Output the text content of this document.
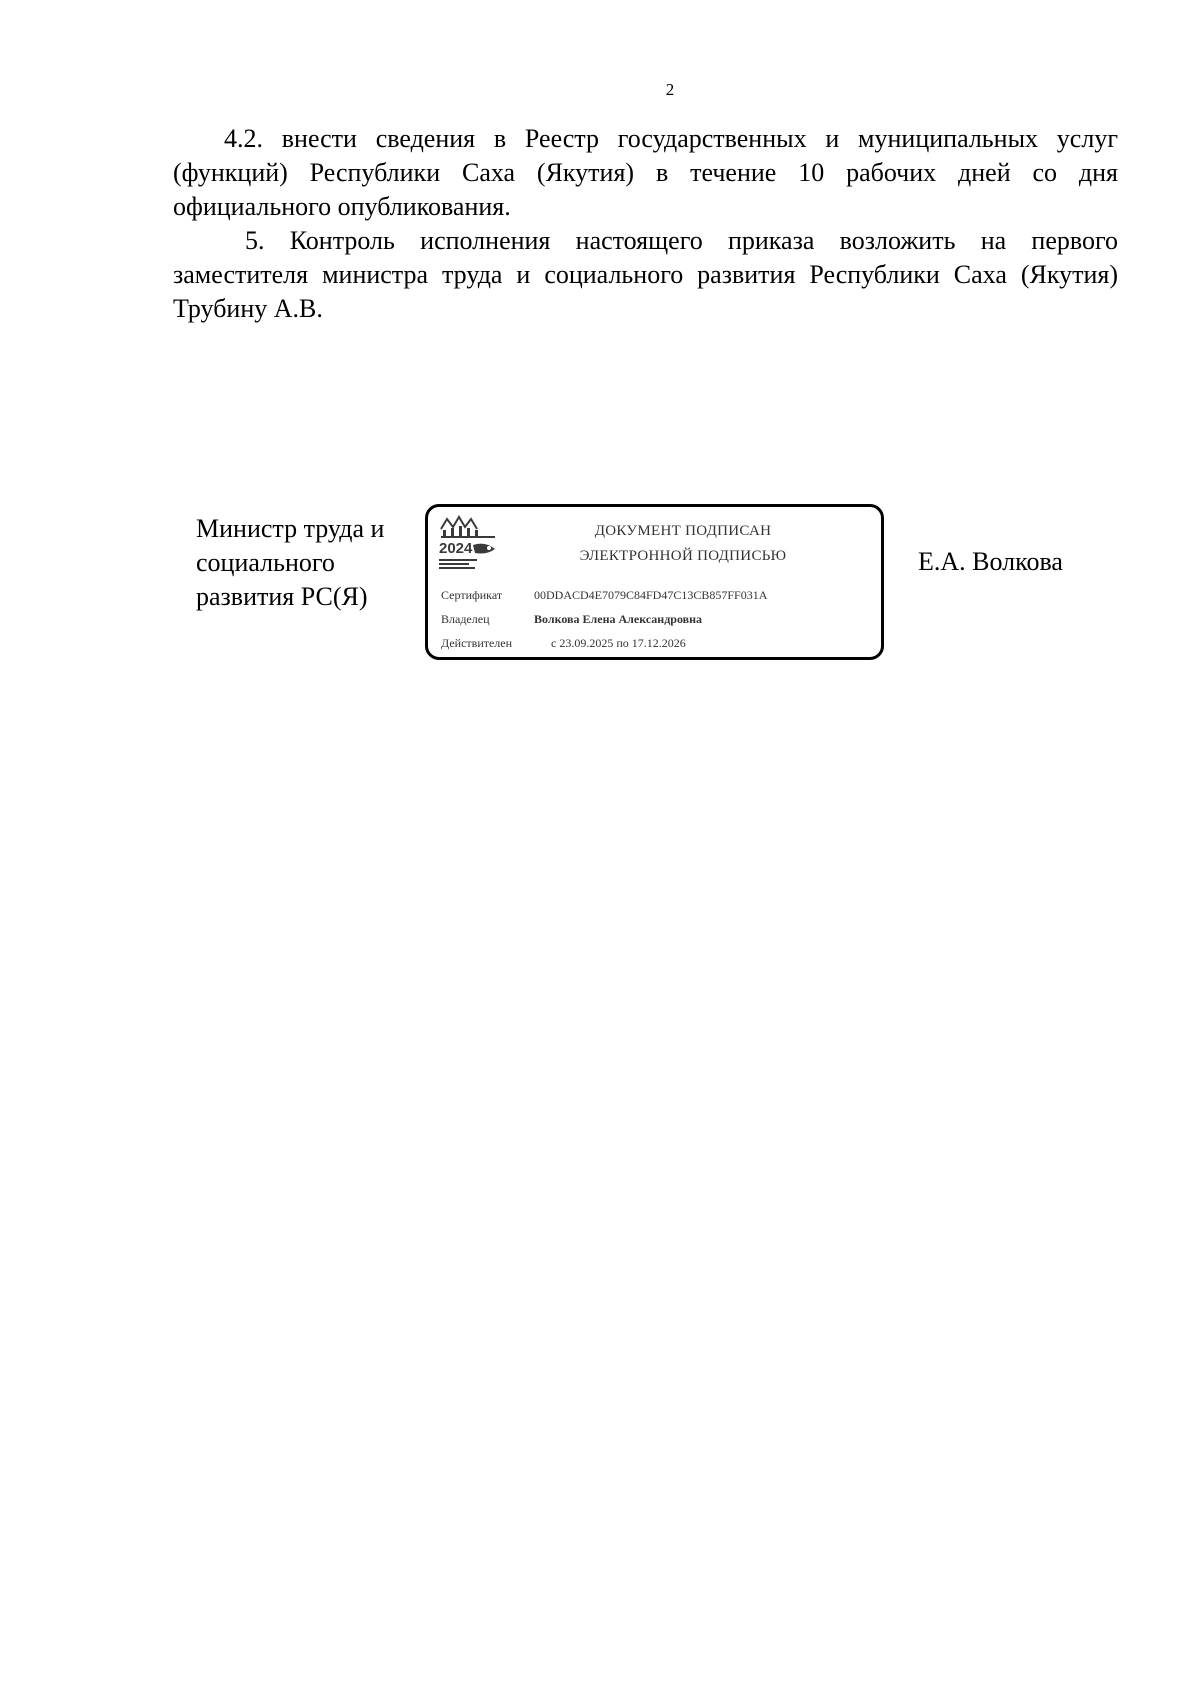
2

4.2. внести сведения в Реестр государственных и муниципальных услуг (функций) Республики Саха (Якутия) в течение 10 рабочих дней со дня официального опубликования.

5. Контроль исполнения настоящего приказа возложить на первого заместителя министра труда и социального развития Республики Саха (Якутия) Трубину А.В.

Министр труда и
социального
развития РС(Я)
2024
ДОКУМЕНТ ПОДПИСАН
ЭЛЕКТРОННОЙ ПОДПИСЬЮ
Сертификат	00DDACD4E7079C84FD47C13CB857FF031A
Владелец	Волкова Елена Александровна
Действителен	с 23.09.2025 по 17.12.2026
Е.А. Волкова
